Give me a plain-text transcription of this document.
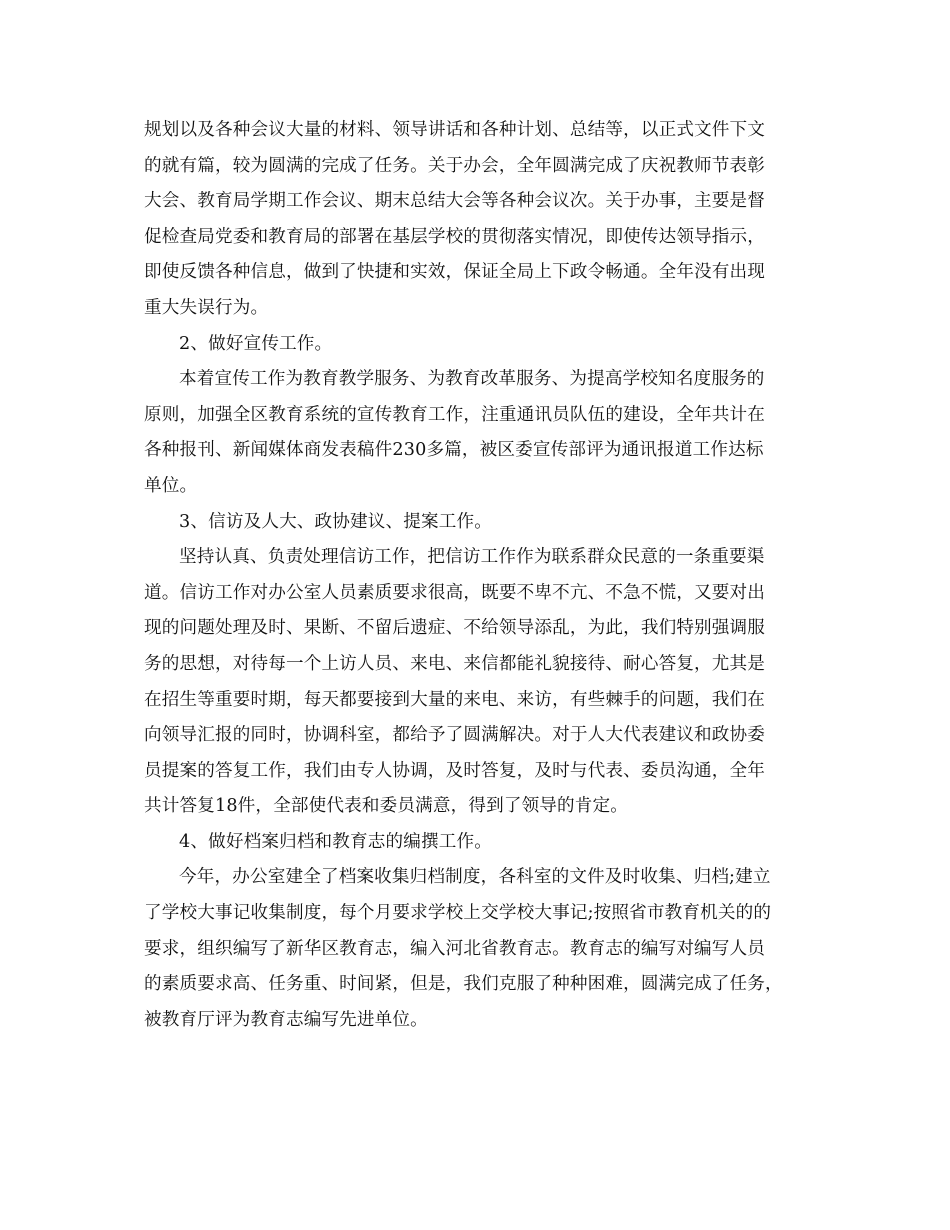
规划以及各种会议大量的材料、领导讲话和各种计划、总结等，以正式文件下文
的就有篇，较为圆满的完成了任务。关于办会，全年圆满完成了庆祝教师节表彰
大会、教育局学期工作会议、期末总结大会等各种会议次。关于办事，主要是督
促检查局党委和教育局的部署在基层学校的贯彻落实情况，即使传达领导指示，
即使反馈各种信息，做到了快捷和实效，保证全局上下政令畅通。全年没有出现
重大失误行为。
2、做好宣传工作。
本着宣传工作为教育教学服务、为教育改革服务、为提高学校知名度服务的
原则，加强全区教育系统的宣传教育工作，注重通讯员队伍的建设，全年共计在
各种报刊、新闻媒体商发表稿件230多篇，被区委宣传部评为通讯报道工作达标
单位。
3、信访及人大、政协建议、提案工作。
坚持认真、负责处理信访工作，把信访工作作为联系群众民意的一条重要渠
道。信访工作对办公室人员素质要求很高，既要不卑不亢、不急不慌，又要对出
现的问题处理及时、果断、不留后遗症、不给领导添乱，为此，我们特别强调服
务的思想，对待每一个上访人员、来电、来信都能礼貌接待、耐心答复，尤其是
在招生等重要时期，每天都要接到大量的来电、来访，有些棘手的问题，我们在
向领导汇报的同时，协调科室，都给予了圆满解决。对于人大代表建议和政协委
员提案的答复工作，我们由专人协调，及时答复，及时与代表、委员沟通，全年
共计答复18件，全部使代表和委员满意，得到了领导的肯定。
4、做好档案归档和教育志的编撰工作。
今年，办公室建全了档案收集归档制度，各科室的文件及时收集、归档;建立
了学校大事记收集制度，每个月要求学校上交学校大事记;按照省市教育机关的的
要求，组织编写了新华区教育志，编入河北省教育志。教育志的编写对编写人员
的素质要求高、任务重、时间紧，但是，我们克服了种种困难，圆满完成了任务，
被教育厅评为教育志编写先进单位。
